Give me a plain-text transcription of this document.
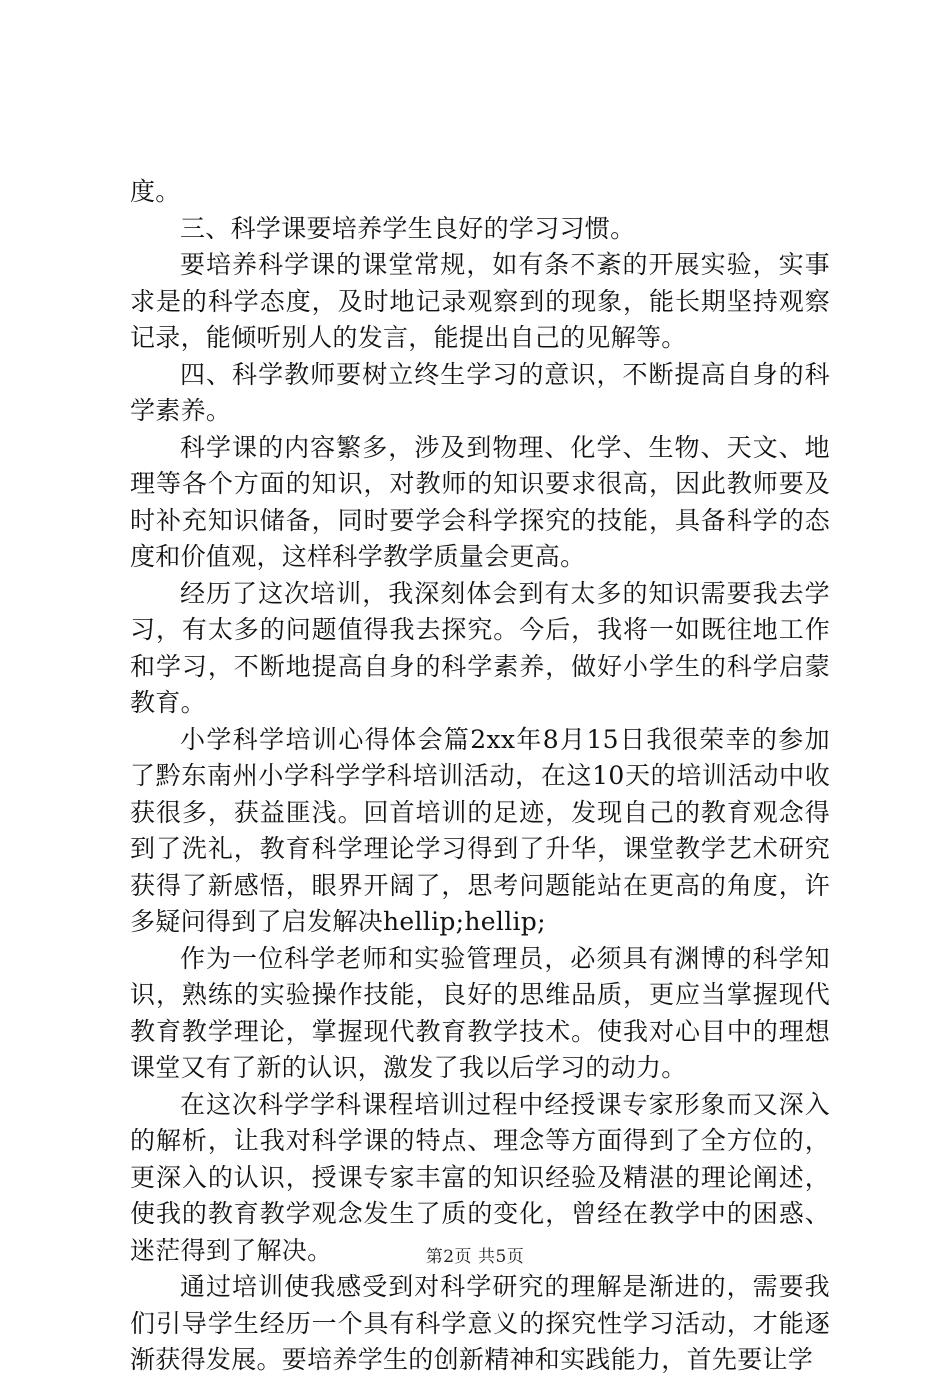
度。

三、科学课要培养学生良好的学习习惯。

要培养科学课的课堂常规，如有条不紊的开展实验，实事求是的科学态度，及时地记录观察到的现象，能长期坚持观察记录，能倾听别人的发言，能提出自己的见解等。

四、科学教师要树立终生学习的意识，不断提高自身的科学素养。

科学课的内容繁多，涉及到物理、化学、生物、天文、地理等各个方面的知识，对教师的知识要求很高，因此教师要及时补充知识储备，同时要学会科学探究的技能，具备科学的态度和价值观，这样科学教学质量会更高。

经历了这次培训，我深刻体会到有太多的知识需要我去学习，有太多的问题值得我去探究。今后，我将一如既往地工作和学习，不断地提高自身的科学素养，做好小学生的科学启蒙教育。

小学科学培训心得体会篇2xx年8月15日我很荣幸的参加了黔东南州小学科学学科培训活动，在这10天的培训活动中收获很多，获益匪浅。回首培训的足迹，发现自己的教育观念得到了洗礼，教育科学理论学习得到了升华，课堂教学艺术研究获得了新感悟，眼界开阔了，思考问题能站在更高的角度，许多疑问得到了启发解决hellip;hellip;

作为一位科学老师和实验管理员，必须具有渊博的科学知识，熟练的实验操作技能，良好的思维品质，更应当掌握现代教育教学理论，掌握现代教育教学技术。使我对心目中的理想课堂又有了新的认识，激发了我以后学习的动力。

在这次科学学科课程培训过程中经授课专家形象而又深入的解析，让我对科学课的特点、理念等方面得到了全方位的，更深入的认识，授课专家丰富的知识经验及精湛的理论阐述，使我的教育教学观念发生了质的变化，曾经在教学中的困惑、迷茫得到了解决。

通过培训使我感受到对科学研究的理解是渐进的，需要我们引导学生经历一个具有科学意义的探究性学习活动，才能逐渐获得发展。要培养学生的创新精神和实践能力，首先要让学

第2页 共5页
